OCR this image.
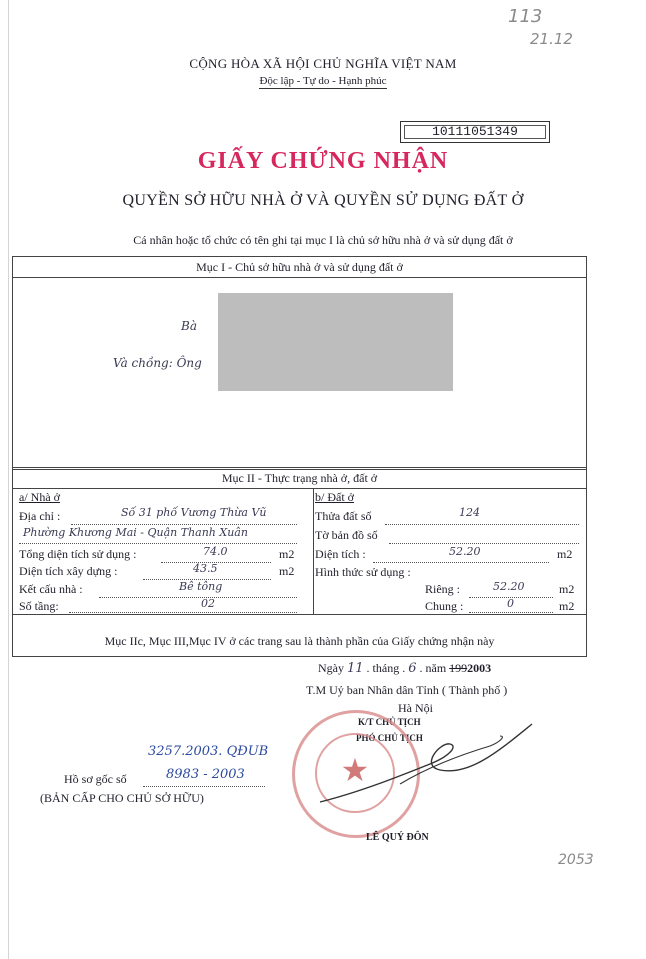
113
21.12
2053
CỘNG HÒA XÃ HỘI CHỦ NGHĨA VIỆT NAM
Độc lập - Tự do - Hạnh phúc
10111051349
GIẤY CHỨNG NHẬN
QUYỀN SỞ HỮU NHÀ Ở VÀ QUYỀN SỬ DỤNG ĐẤT Ở
Cá nhân hoặc tổ chức có tên ghi tại mục I là chủ sở hữu nhà ở và sử dụng đất ở
Mục I - Chủ sở hữu nhà ở và sử dụng đất ở
Bà
Và chồng: Ông
Mục II - Thực trạng nhà ở, đất ở
a/ Nhà ở
Địa chỉ :	Số 31 phố Vương Thừa Vũ
Phường Khương Mai - Quận Thanh Xuân
Tổng diện tích sử dụng :	74.0	m2
Diện tích xây dựng :	43.5	m2
Kết cấu nhà :	Bê tông
Số tầng:	02
b/ Đất ở
Thửa đất số	124
Tờ bản đồ số
Diện tích :	52.20	m2
Hình thức sử dụng :
Riêng :	52.20	m2
Chung :	0	m2
Mục IIc, Mục III,Mục IV ở các trang sau là thành phần của Giấy chứng nhận này
Ngày 11 . tháng . 6 . năm 1992003
T.M Uỷ ban Nhân dân Tỉnh ( Thành phố )
Hà Nội
K/T CHỦ TỊCH
PHÓ CHỦ TỊCH
★
LÊ QUÝ ĐÔN
3257.2003. QĐUB
Hồ sơ gốc số	8983 - 2003
(BẢN CẤP CHO CHỦ SỞ HỮU)
